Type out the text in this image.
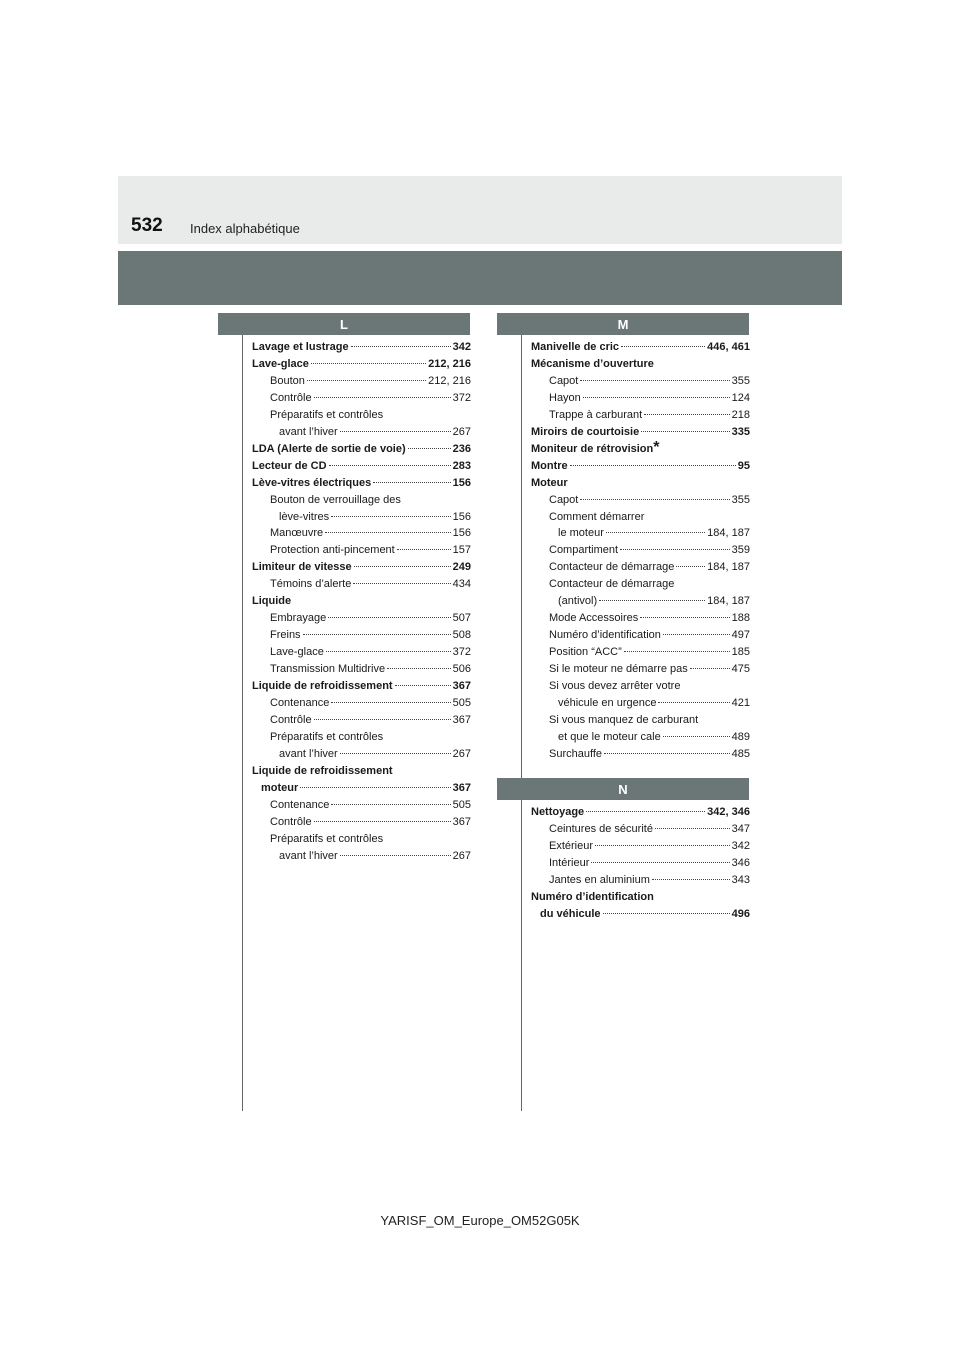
532 Index alphabétique
L	M
N
Lavage et lustrage	342
Lave-glace	212, 216
Bouton	212, 216
Contrôle	372
Préparatifs et contrôles
avant l’hiver	267
LDA (Alerte de sortie de voie)	236
Lecteur de CD	283
Lève-vitres électriques	156
Bouton de verrouillage des
lève-vitres	156
Manœuvre	156
Protection anti-pincement	157
Limiteur de vitesse	249
Témoins d’alerte	434
Liquide
Embrayage	507
Freins	508
Lave-glace	372
Transmission Multidrive	506
Liquide de refroidissement	367
Contenance	505
Contrôle	367
Préparatifs et contrôles
avant l’hiver	267
Liquide de refroidissement
moteur	367
Contenance	505
Contrôle	367
Préparatifs et contrôles
avant l’hiver	267
Manivelle de cric	446, 461
Mécanisme d’ouverture
Capot	355
Hayon	124
Trappe à carburant	218
Miroirs de courtoisie	335
Moniteur de rétrovision *
Montre	95
Moteur
Capot	355
Comment démarrer
le moteur	184, 187
Compartiment	359
Contacteur de démarrage	184, 187
Contacteur de démarrage
(antivol)	184, 187
Mode Accessoires	188
Numéro d’identification	497
Position “ACC”	185
Si le moteur ne démarre pas	475
Si vous devez arrêter votre
véhicule en urgence	421
Si vous manquez de carburant
et que le moteur cale	489
Surchauffe	485
Nettoyage	342, 346
Ceintures de sécurité	347
Extérieur	342
Intérieur	346
Jantes en aluminium	343
Numéro d’identification
du véhicule	496
YARISF_OM_Europe_OM52G05K
